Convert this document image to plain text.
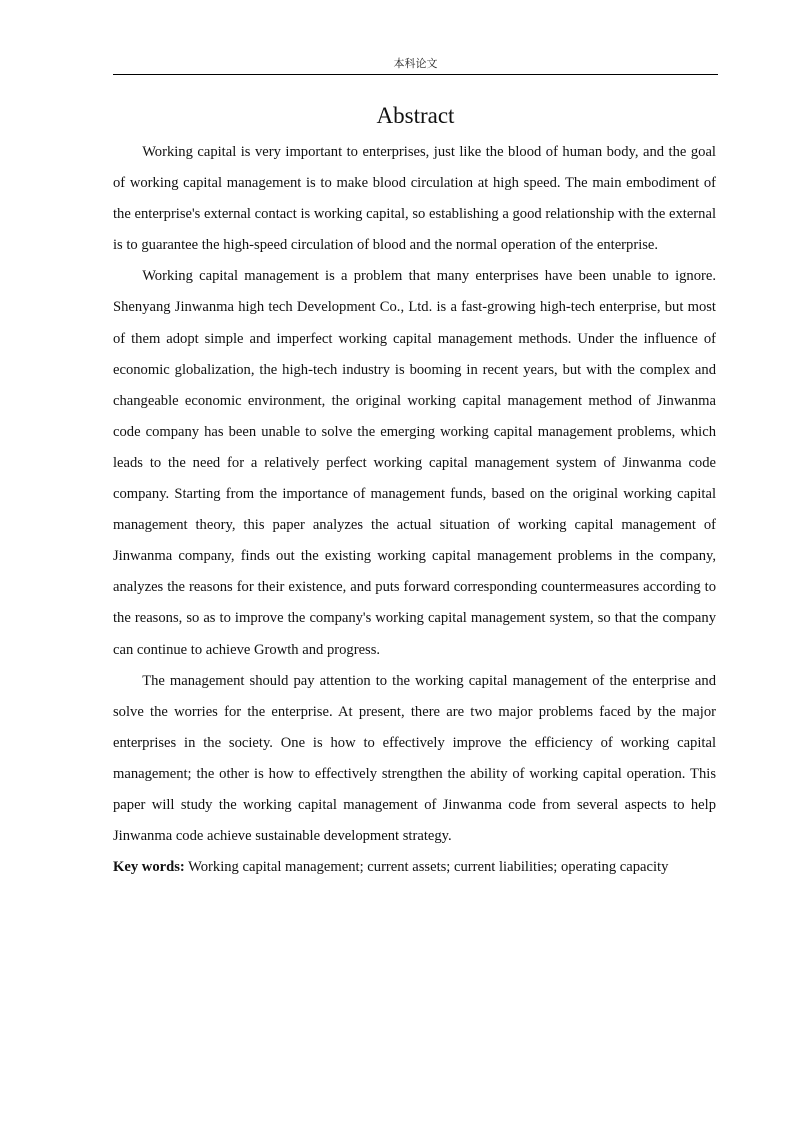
本科论文
Abstract

Working capital is very important to enterprises, just like the blood of human body, and the goal of working capital management is to make blood circulation at high speed. The main embodiment of the enterprise's external contact is working capital, so establishing a good relationship with the external is to guarantee the high-speed circulation of blood and the normal operation of the enterprise.

Working capital management is a problem that many enterprises have been unable to ignore. Shenyang Jinwanma high tech Development Co., Ltd. is a fast-growing high-tech enterprise, but most of them adopt simple and imperfect working capital management methods. Under the influence of economic globalization, the high-tech industry is booming in recent years, but with the complex and changeable economic environment, the original working capital management method of Jinwanma code company has been unable to solve the emerging working capital management problems, which leads to the need for a relatively perfect working capital management system of Jinwanma code company. Starting from the importance of management funds, based on the original working capital management theory, this paper analyzes the actual situation of working capital management of Jinwanma company, finds out the existing working capital management problems in the company, analyzes the reasons for their existence, and puts forward corresponding countermeasures according to the reasons, so as to improve the company's working capital management system, so that the company can continue to achieve Growth and progress.

The management should pay attention to the working capital management of the enterprise and solve the worries for the enterprise. At present, there are two major problems faced by the major enterprises in the society. One is how to effectively improve the efficiency of working capital management; the other is how to effectively strengthen the ability of working capital operation. This paper will study the working capital management of Jinwanma code from several aspects to help Jinwanma code achieve sustainable development strategy.

Key words: Working capital management; current assets; current liabilities; operating capacity
